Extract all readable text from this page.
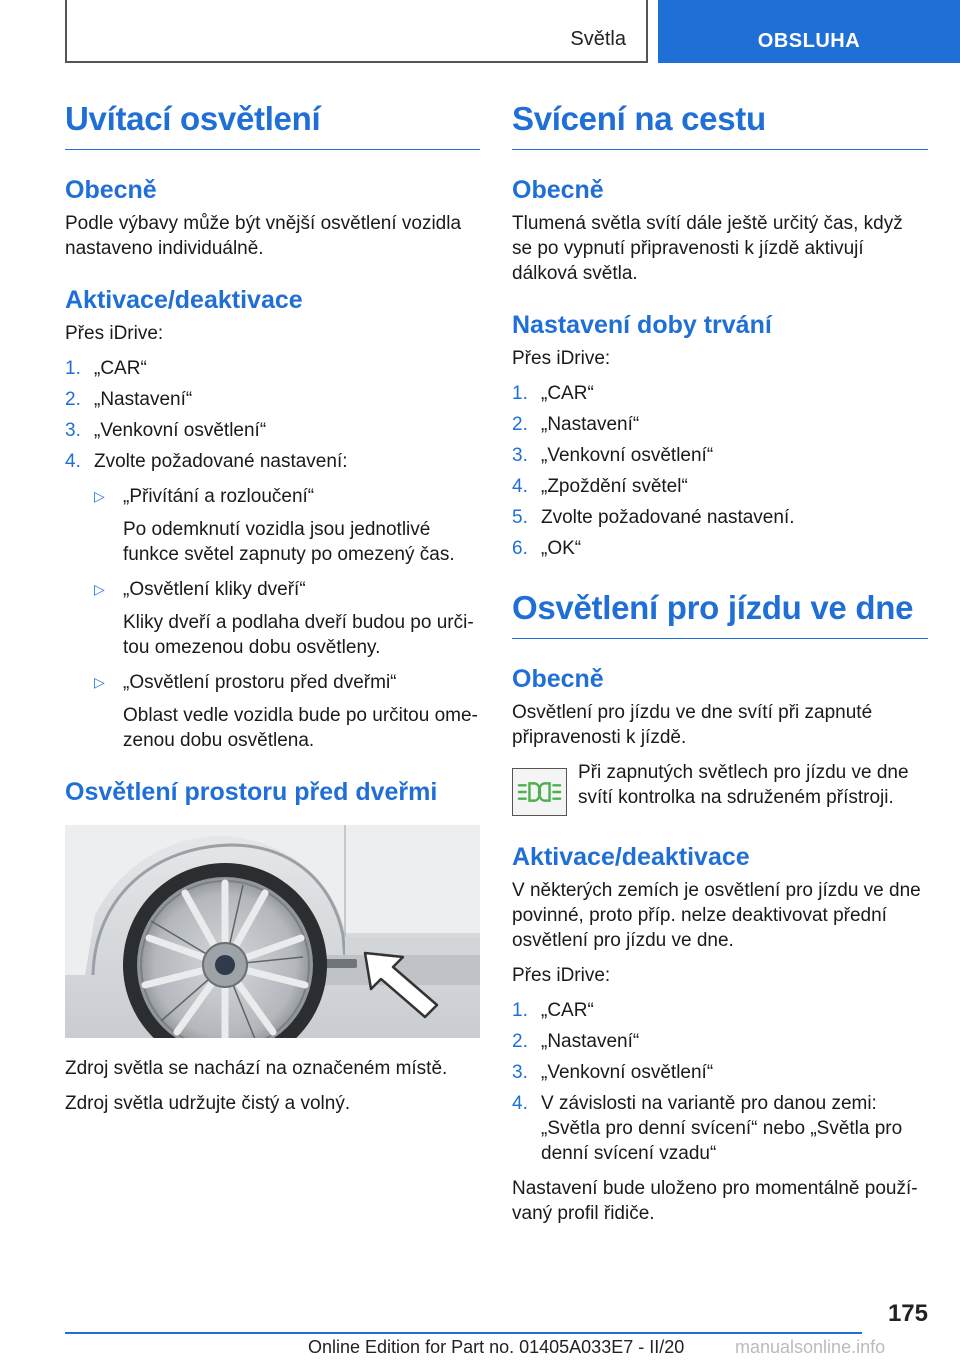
Světla	OBSLUHA
Uvítací osvětlení
Obecně

Podle výbavy může být vnější osvětlení vozidla nastaveno individuálně.

Aktivace/deaktivace

Přes iDrive:

1. „CAR“
2. „Nastavení“
3. „Venkovní osvětlení“
4. Zvolte požadované nastavení:
▷ „Přivítání a rozloučení“
Po odemknutí vozidla jsou jednotlivé funkce světel zapnuty po omezený čas.
▷ „Osvětlení kliky dveří“
Kliky dveří a podlaha dveří budou po určitou omezenou dobu osvětleny.
▷ „Osvětlení prostoru před dveřmi“
Oblast vedle vozidla bude po určitou omezenou dobu osvětlena.
Osvětlení prostoru před dveřmi

Zdroj světla se nachází na označeném místě.

Zdroj světla udržujte čistý a volný.

Svícení na cestu
Obecně

Tlumená světla svítí dále ještě určitý čas, když se po vypnutí připravenosti k jízdě aktivují dálková světla.

Nastavení doby trvání

Přes iDrive:

1. „CAR“
2. „Nastavení“
3. „Venkovní osvětlení“
4. „Zpoždění světel“
5. Zvolte požadované nastavení.
6. „OK“
Osvětlení pro jízdu ve dne
Obecně

Osvětlení pro jízdu ve dne svítí při zapnuté připravenosti k jízdě.

Při zapnutých světlech pro jízdu ve dne svítí kontrolka na sdruženém přístroji.

Aktivace/deaktivace

V některých zemích je osvětlení pro jízdu ve dne povinné, proto příp. nelze deaktivovat přední osvětlení pro jízdu ve dne.

Přes iDrive:

1. „CAR“
2. „Nastavení“
3. „Venkovní osvětlení“
4. V závislosti na variantě pro danou zemi: „Světla pro denní svícení“ nebo „Světla pro denní svícení vzadu“

Nastavení bude uloženo pro momentálně používaný profil řidiče.

175
Online Edition for Part no. 01405A033E7 - II/20	manualsonline.info
